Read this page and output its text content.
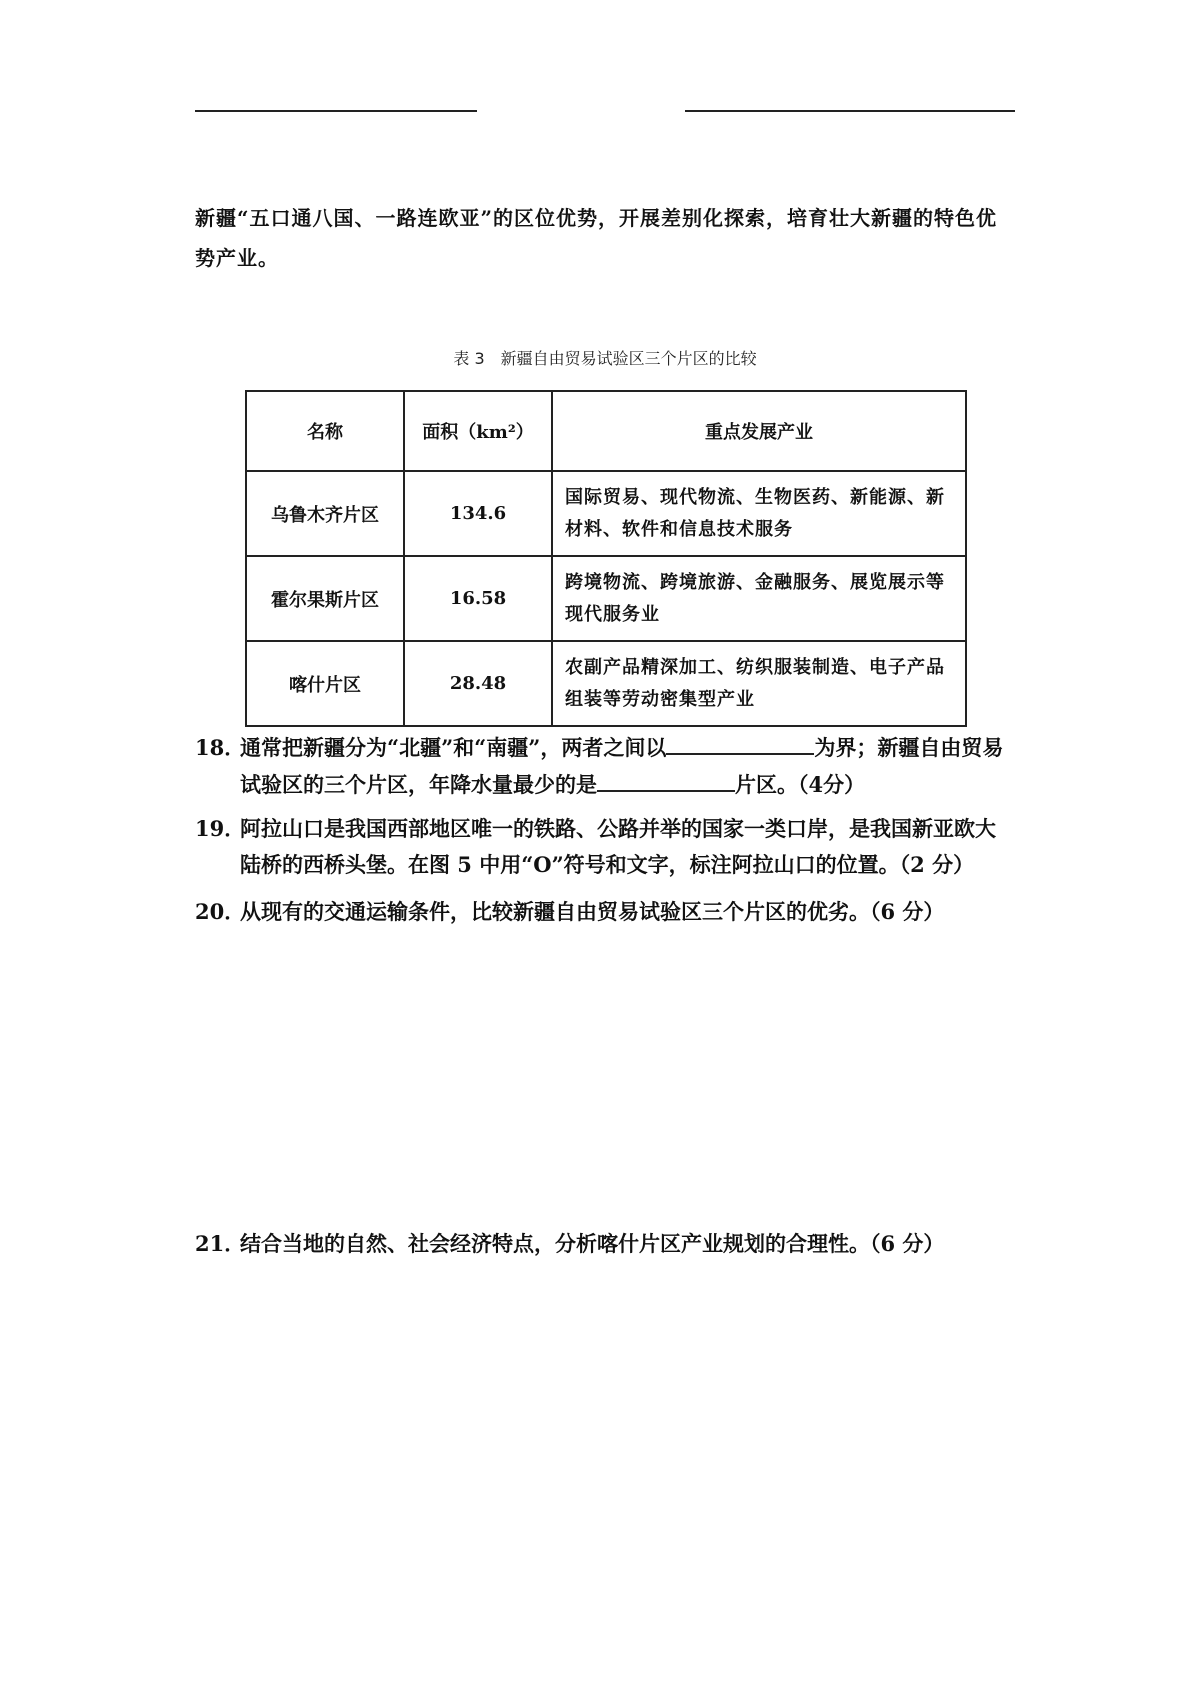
新疆“五口通八国、一路连欧亚”的区位优势，开展差别化探索，培育壮大新疆的特色优
势产业。

表 3　新疆自由贸易试验区三个片区的比较
名称	面积（km²）	重点发展产业
乌鲁木齐片区	134.6	国际贸易、现代物流、生物医药、新能源、新材料、软件和信息技术服务
霍尔果斯片区	16.58	跨境物流、跨境旅游、金融服务、展览展示等现代服务业
喀什片区	28.48	农副产品精深加工、纺织服装制造、电子产品组装等劳动密集型产业

18．通常把新疆分为“北疆”和“南疆”，两者之间以	为界；新疆自由贸易
试验区的三个片区，年降水量最少的是	片区。（4分）

19．阿拉山口是我国西部地区唯一的铁路、公路并举的国家一类口岸，是我国新亚欧大
陆桥的西桥头堡。在图 5 中用“O”符号和文字，标注阿拉山口的位置。（2 分）

20．从现有的交通运输条件，比较新疆自由贸易试验区三个片区的优劣。（6 分）

21．结合当地的自然、社会经济特点，分析喀什片区产业规划的合理性。（6 分）
